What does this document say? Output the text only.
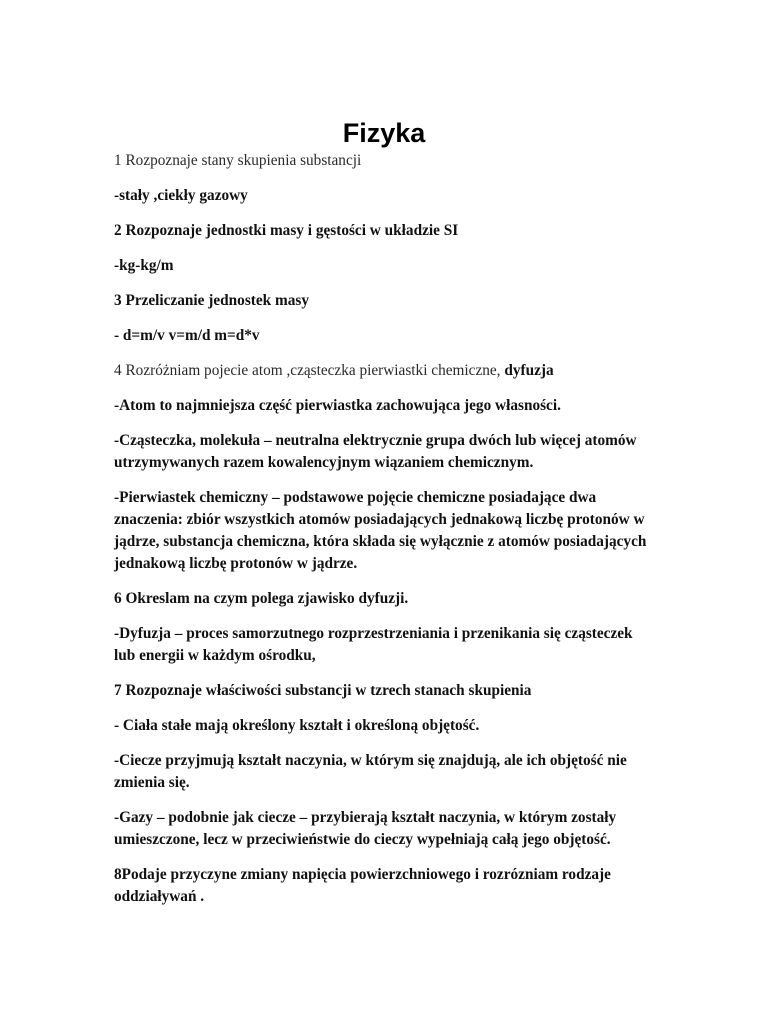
Fizyka

1 Rozpoznaje stany skupienia substancji

-stały ,ciekły gazowy

2 Rozpoznaje jednostki masy i gęstości w układzie SI

-kg-kg/m

3 Przeliczanie jednostek masy

- d=m/v v=m/d m=d*v

4 Rozróżniam pojecie atom ,cząsteczka pierwiastki chemiczne, dyfuzja

-Atom to najmniejsza część pierwiastka zachowująca jego własności.

-Cząsteczka, molekuła – neutralna elektrycznie grupa dwóch lub więcej atomów utrzymywanych razem kowalencyjnym wiązaniem chemicznym.

-Pierwiastek chemiczny – podstawowe pojęcie chemiczne posiadające dwa znaczenia: zbiór wszystkich atomów posiadających jednakową liczbę protonów w jądrze, substancja chemiczna, która składa się wyłącznie z atomów posiadających jednakową liczbę protonów w jądrze.

6 Okreslam na czym polega zjawisko dyfuzji.

-Dyfuzja – proces samorzutnego rozprzestrzeniania i przenikania się cząsteczek lub energii w każdym ośrodku,

7 Rozpoznaje właściwości substancji w tzrech stanach skupienia

- Ciała stałe mają określony kształt i określoną objętość.

-Ciecze przyjmują kształt naczynia, w którym się znajdują, ale ich objętość nie zmienia się.

-Gazy – podobnie jak ciecze – przybierają kształt naczynia, w którym zostały umieszczone, lecz w przeciwieństwie do cieczy wypełniają całą jego objętość.

8Podaje przyczyne zmiany napięcia powierzchniowego i rozrózniam rodzaje oddziaływań .
